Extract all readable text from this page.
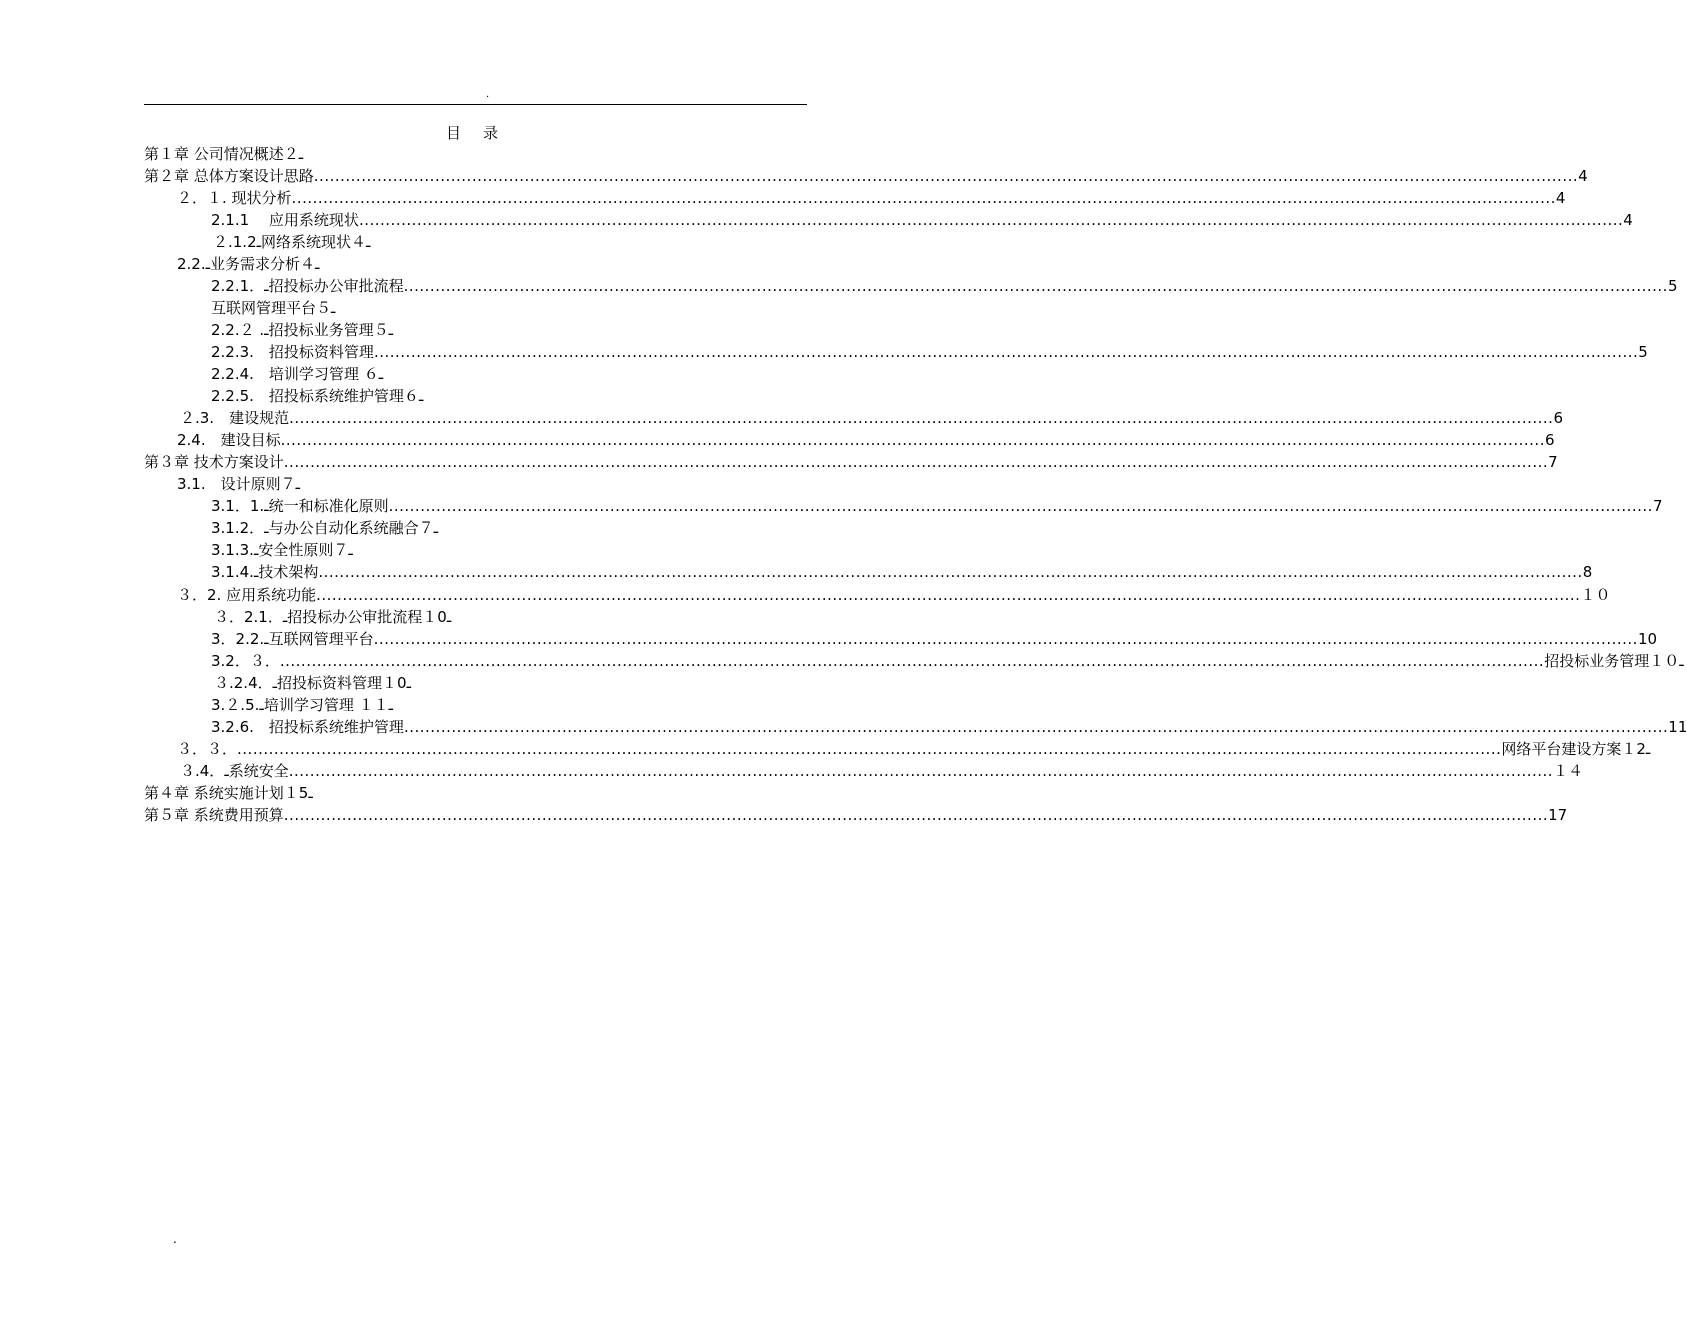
.
目录
第１章 公司情况概述２ـ
第２章 总体方案设计思路 ................................................................................................................................................................................................................................................ 4
２．１. 现状分析 ................................................................................................................................................................................................................................................ 4
2.1.1　 应用系统现状 ................................................................................................................................................................................................................................................ 4
２.1.2ـ网络系统现状４ـ
2.2.ـ业务需求分析４ـ
2.2.1．ـ招投标办公审批流程 ................................................................................................................................................................................................................................................ 5
互联网管理平台５ـ
2.2.２ .ـ招投标业务管理５ـ
2.2.3.　招投标资料管理 ................................................................................................................................................................................................................................................ 5
2.2.4.　培训学习管理 ６ـ
2.2.5.　招投标系统维护管理６ـ
２.3.　建设规范 ................................................................................................................................................................................................................................................ 6
2.4.　建设目标 ................................................................................................................................................................................................................................................ 6
第３章 技术方案设计 ................................................................................................................................................................................................................................................ 7
3.1.　设计原则７ـ
3.1．1.ـ统一和标准化原则 ................................................................................................................................................................................................................................................ 7
3.1.2．ـ与办公自动化系统融合７ـ
3.1.3.ـ安全性原则７ـ
3.1.4.ـ技术架构 ................................................................................................................................................................................................................................................ 8
３．2. 应用系统功能 ................................................................................................................................................................................................................................................ １０
３．2.1．ـ招投标办公审批流程１0ـ
3．2.2.ـ互联网管理平台 ................................................................................................................................................................................................................................................ 10
3.2．３． ................................................................................................................................................................................................................................................ 招投标业务管理１０ـ
３.2.4．ـ招投标资料管理１0ـ
3.２.5.ـ培训学习管理 １１ـ
3.2.6.　招投标系统维护管理 ................................................................................................................................................................................................................................................ 11
３．３． ................................................................................................................................................................................................................................................ 网络平台建设方案１2ـ
３.4．ـ系统安全 ................................................................................................................................................................................................................................................ １４
第４章 系统实施计划１5ـ
第５章 系统费用预算 ................................................................................................................................................................................................................................................ 17
.
